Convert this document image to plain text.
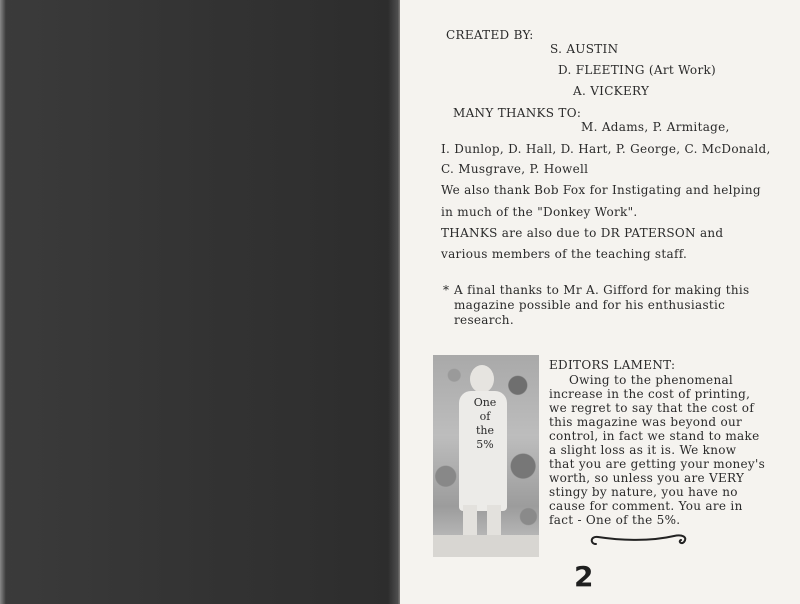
CREATED BY:
S. AUSTIN
D. FLEETING (Art Work)
A. VICKERY
MANY THANKS TO:
M. Adams, P. Armitage,
I. Dunlop, D. Hall, D. Hart, P. George, C. McDonald,
C. Musgrave, P. Howell
We also thank Bob Fox for Instigating and helping
in much of the "Donkey Work".
THANKS are also due to DR PATERSON and
various members of the teaching staff.
* A final thanks to Mr A. Gifford for making this
magazine possible and for his enthusiastic
research.
One
of
the
5%
EDITORS LAMENT:
Owing to the phenomenal
increase in the cost of printing,
we regret to say that the cost of
this magazine was beyond our
control, in fact we stand to make
a slight loss as it is. We know
that you are getting your money's
worth, so unless you are VERY
stingy by nature, you have no
cause for comment. You are in
fact - One of the 5%.
2
